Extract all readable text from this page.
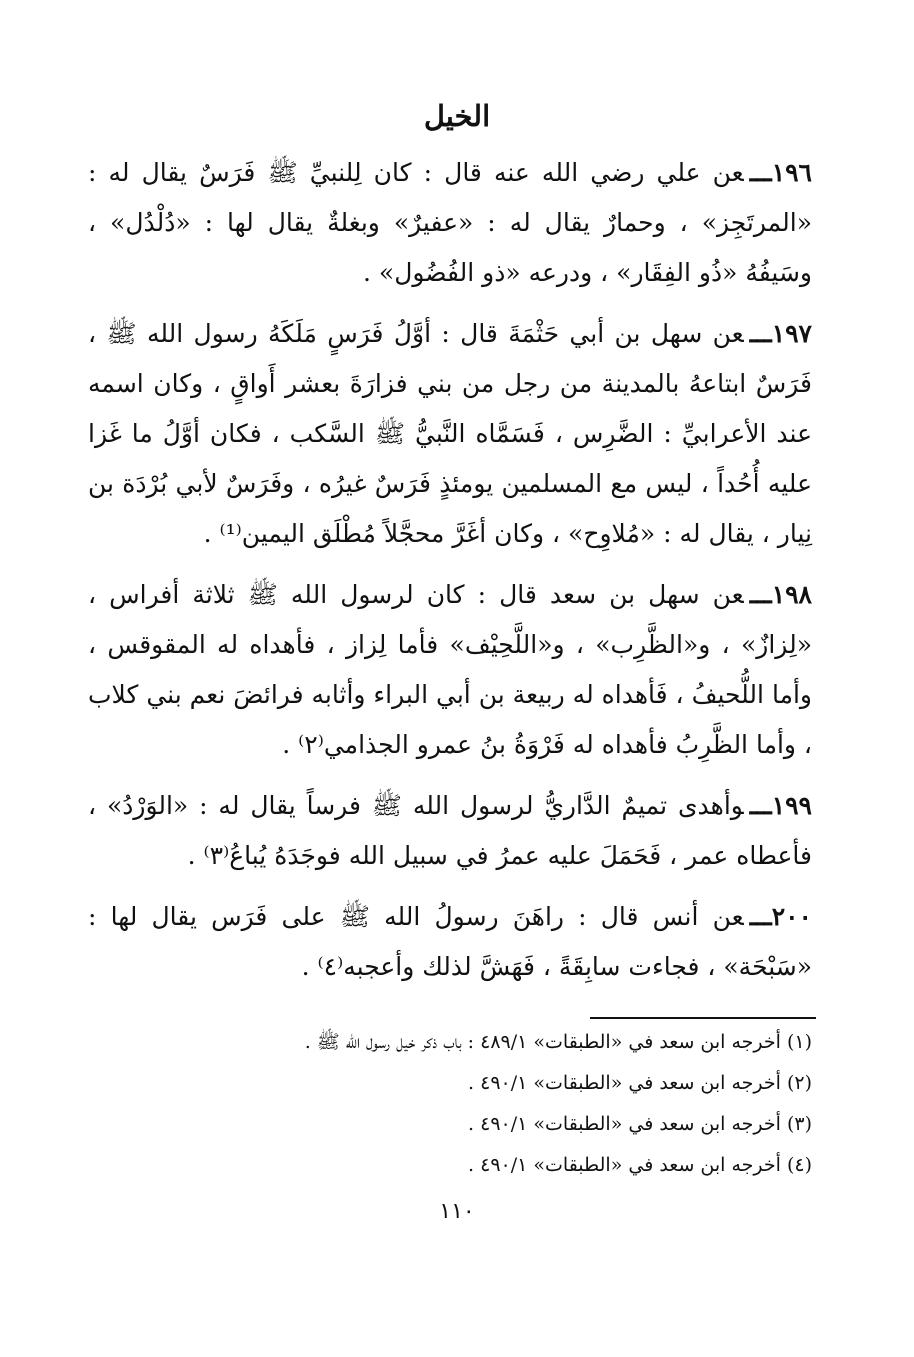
الخيل

١٩٦ـــعن علي رضي الله عنه قال : كان لِلنبيِّ ﷺ فَرَسٌ يقال له : «المرتَجِز» ، وحمارٌ يقال له : «عفيرٌ» وبغلةٌ يقال لها : «دُلْدُل» ، وسَيفُهُ «ذُو الفِقَار» ، ودرعه «ذو الفُضُول» .

١٩٧ـــعن سهل بن أبي حَثْمَةَ قال : أوَّلُ فَرَسٍ مَلَكَهُ رسول الله ﷺ ، فَرَسٌ ابتاعهُ بالمدينة من رجل من بني فزارَةَ بعشر أَواقٍ ، وكان اسمه عند الأعرابيِّ : الضَّرِس ، فَسَمَّاه النَّبيُّ ﷺ السَّكب ، فكان أوَّلُ ما غَزا عليه أُحُداً ، ليس مع المسلمين يومئذٍ فَرَسٌ غيرُه ، وفَرَسٌ لأبي بُرْدَة بن نِيار ، يقال له : «مُلاوِح» ، وكان أغَرَّ محجَّلاً مُطْلَق اليمين⁽¹⁾ .

١٩٨ـــعن سهل بن سعد قال : كان لرسول الله ﷺ ثلاثة أفراس ، «لِزازٌ» ، و«الظَّرِب» ، و«اللَّحِيْف» فأما لِزاز ، فأهداه له المقوقس ، وأما اللُّحيفُ ، فَأهداه له ربيعة بن أبي البراء وأثابه فرائضَ نعم بني كلاب ، وأما الظَّرِبُ فأهداه له فَرْوَةُ بنُ عمرو الجذامي⁽٢⁾ .

١٩٩ـــوأهدى تميمٌ الدَّاريُّ لرسول الله ﷺ فرساً يقال له : «الوَرْدُ» ، فأعطاه عمر ، فَحَمَلَ عليه عمرُ في سبيل الله فوجَدَهُ يُباعُ⁽٣⁾ .

٢٠٠ـــعن أنس قال : راهَنَ رسولُ الله ﷺ على فَرَس يقال لها : «سَبْحَة» ، فجاءت سابِقَةً ، فَهَشَّ لذلك وأعجبه⁽٤⁾ .

(١)أخرجه ابن سعد في «الطبقات» ٤٨٩/١ : باب ذكر خيل رسول الله ﷺ .
(٢)أخرجه ابن سعد في «الطبقات» ٤٩٠/١ .
(٣)أخرجه ابن سعد في «الطبقات» ٤٩٠/١ .
(٤)أخرجه ابن سعد في «الطبقات» ٤٩٠/١ .
١١٠
